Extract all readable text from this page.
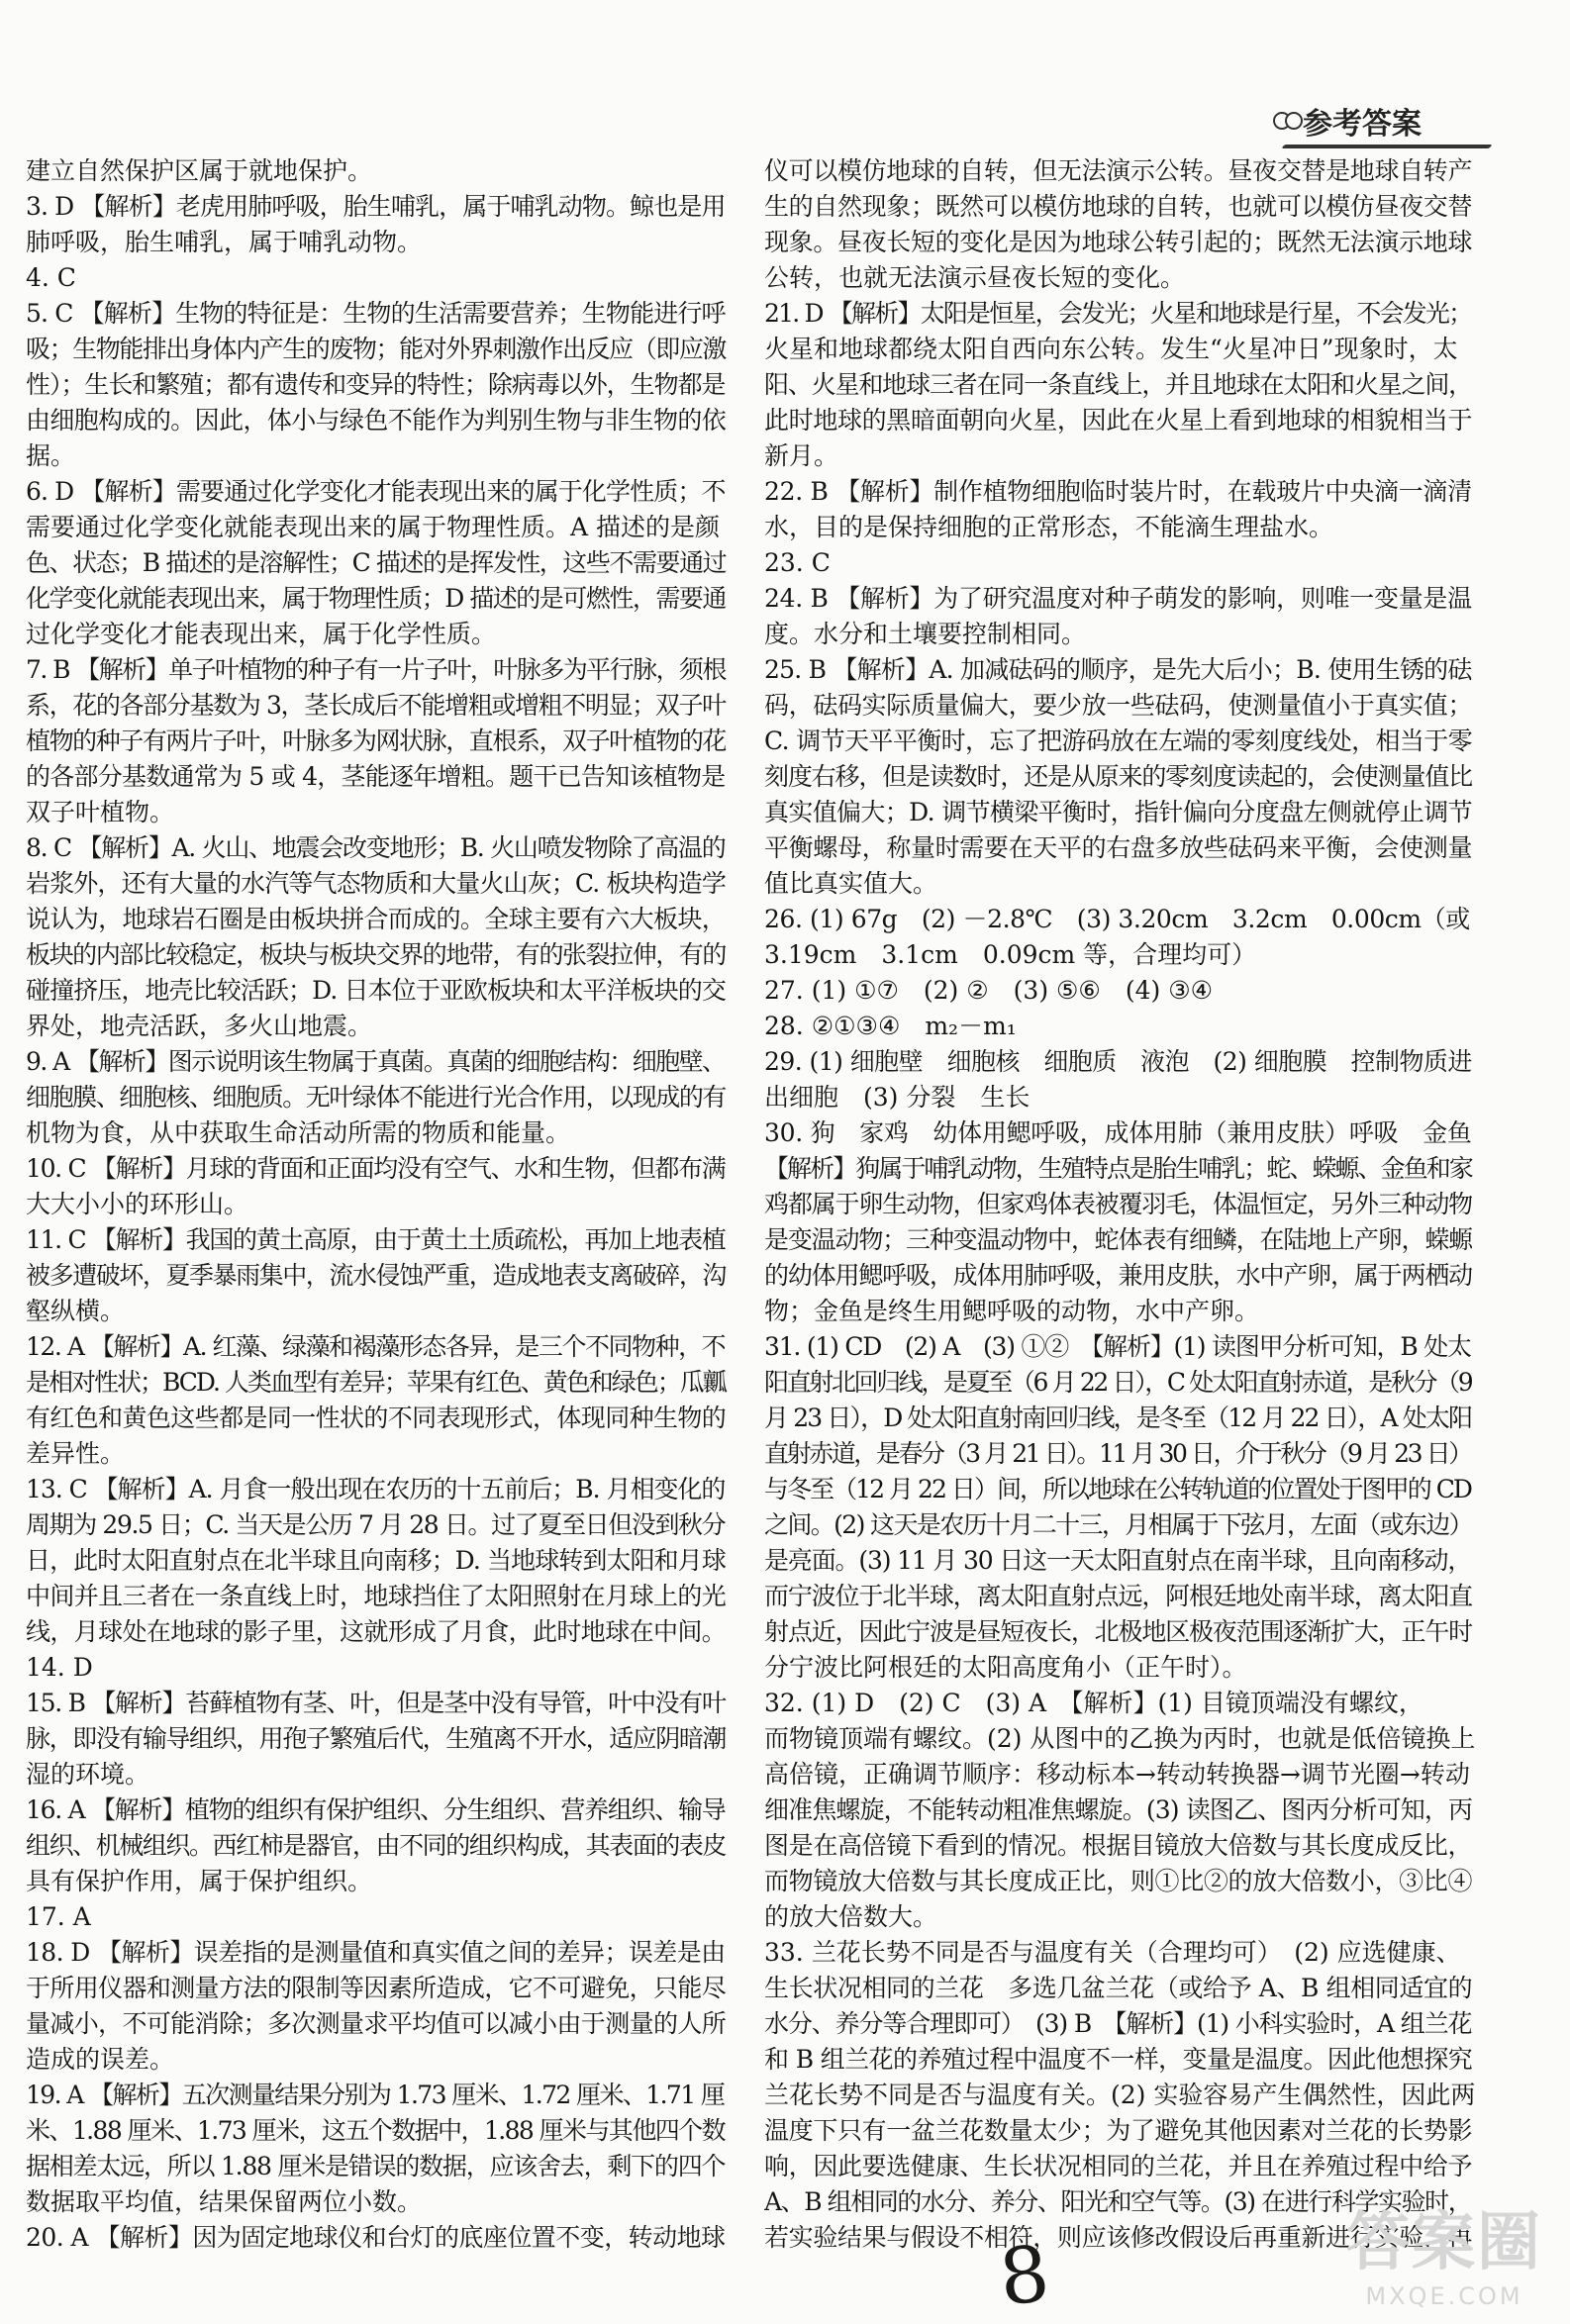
参考答案
建立自然保护区属于就地保护。
3. D 【解析】老虎用肺呼吸，胎生哺乳，属于哺乳动物。鲸也是用
肺呼吸，胎生哺乳，属于哺乳动物。
4. C
5. C 【解析】生物的特征是：生物的生活需要营养；生物能进行呼
吸；生物能排出身体内产生的废物；能对外界刺激作出反应（即应激
性）；生长和繁殖；都有遗传和变异的特性；除病毒以外，生物都是
由细胞构成的。因此，体小与绿色不能作为判别生物与非生物的依
据。
6. D 【解析】需要通过化学变化才能表现出来的属于化学性质；不
需要通过化学变化就能表现出来的属于物理性质。A 描述的是颜
色、状态；B 描述的是溶解性；C 描述的是挥发性，这些不需要通过
化学变化就能表现出来，属于物理性质；D 描述的是可燃性，需要通
过化学变化才能表现出来，属于化学性质。
7. B 【解析】单子叶植物的种子有一片子叶，叶脉多为平行脉，须根
系，花的各部分基数为 3，茎长成后不能增粗或增粗不明显；双子叶
植物的种子有两片子叶，叶脉多为网状脉，直根系，双子叶植物的花
的各部分基数通常为 5 或 4，茎能逐年增粗。题干已告知该植物是
双子叶植物。
8. C 【解析】A. 火山、地震会改变地形；B. 火山喷发物除了高温的
岩浆外，还有大量的水汽等气态物质和大量火山灰；C. 板块构造学
说认为，地球岩石圈是由板块拼合而成的。全球主要有六大板块，
板块的内部比较稳定，板块与板块交界的地带，有的张裂拉伸，有的
碰撞挤压，地壳比较活跃；D. 日本位于亚欧板块和太平洋板块的交
界处，地壳活跃，多火山地震。
9. A 【解析】图示说明该生物属于真菌。真菌的细胞结构：细胞壁、
细胞膜、细胞核、细胞质。无叶绿体不能进行光合作用，以现成的有
机物为食，从中获取生命活动所需的物质和能量。
10. C 【解析】月球的背面和正面均没有空气、水和生物，但都布满
大大小小的环形山。
11. C 【解析】我国的黄土高原，由于黄土土质疏松，再加上地表植
被多遭破坏，夏季暴雨集中，流水侵蚀严重，造成地表支离破碎，沟
壑纵横。
12. A 【解析】A. 红藻、绿藻和褐藻形态各异，是三个不同物种，不
是相对性状；BCD. 人类血型有差异；苹果有红色、黄色和绿色；瓜瓤
有红色和黄色这些都是同一性状的不同表现形式，体现同种生物的
差异性。
13. C 【解析】A. 月食一般出现在农历的十五前后；B. 月相变化的
周期为 29.5 日；C. 当天是公历 7 月 28 日。过了夏至日但没到秋分
日，此时太阳直射点在北半球且向南移；D. 当地球转到太阳和月球
中间并且三者在一条直线上时，地球挡住了太阳照射在月球上的光
线，月球处在地球的影子里，这就形成了月食，此时地球在中间。
14. D
15. B 【解析】苔藓植物有茎、叶，但是茎中没有导管，叶中没有叶
脉，即没有输导组织，用孢子繁殖后代，生殖离不开水，适应阴暗潮
湿的环境。
16. A 【解析】植物的组织有保护组织、分生组织、营养组织、输导
组织、机械组织。西红柿是器官，由不同的组织构成，其表面的表皮
具有保护作用，属于保护组织。
17. A
18. D 【解析】误差指的是测量值和真实值之间的差异；误差是由
于所用仪器和测量方法的限制等因素所造成，它不可避免，只能尽
量减小，不可能消除；多次测量求平均值可以减小由于测量的人所
造成的误差。
19. A 【解析】五次测量结果分别为 1.73 厘米、1.72 厘米、1.71 厘
米、1.88 厘米、1.73 厘米，这五个数据中，1.88 厘米与其他四个数
据相差太远，所以 1.88 厘米是错误的数据，应该舍去，剩下的四个
数据取平均值，结果保留两位小数。
20. A 【解析】因为固定地球仪和台灯的底座位置不变，转动地球
仪可以模仿地球的自转，但无法演示公转。昼夜交替是地球自转产
生的自然现象；既然可以模仿地球的自转，也就可以模仿昼夜交替
现象。昼夜长短的变化是因为地球公转引起的；既然无法演示地球
公转，也就无法演示昼夜长短的变化。
21. D 【解析】太阳是恒星，会发光；火星和地球是行星，不会发光；
火星和地球都绕太阳自西向东公转。发生“火星冲日”现象时，太
阳、火星和地球三者在同一条直线上，并且地球在太阳和火星之间，
此时地球的黑暗面朝向火星，因此在火星上看到地球的相貌相当于
新月。
22. B 【解析】制作植物细胞临时装片时，在载玻片中央滴一滴清
水，目的是保持细胞的正常形态，不能滴生理盐水。
23. C
24. B 【解析】为了研究温度对种子萌发的影响，则唯一变量是温
度。水分和土壤要控制相同。
25. B 【解析】A. 加减砝码的顺序，是先大后小；B. 使用生锈的砝
码，砝码实际质量偏大，要少放一些砝码，使测量值小于真实值；
C. 调节天平平衡时，忘了把游码放在左端的零刻度线处，相当于零
刻度右移，但是读数时，还是从原来的零刻度读起的，会使测量值比
真实值偏大；D. 调节横梁平衡时，指针偏向分度盘左侧就停止调节
平衡螺母，称量时需要在天平的右盘多放些砝码来平衡，会使测量
值比真实值大。
26. (1) 67g　(2) －2.8℃　(3) 3.20cm　3.2cm　0.00cm（或
3.19cm　3.1cm　0.09cm 等，合理均可）
27. (1) ①⑦　(2) ②　(3) ⑤⑥　(4) ③④
28. ②①③④　m₂－m₁
29. (1) 细胞壁　细胞核　细胞质　液泡　(2) 细胞膜　控制物质进
出细胞　(3) 分裂　生长
30. 狗　家鸡　幼体用鳃呼吸，成体用肺（兼用皮肤）呼吸　金鱼
【解析】狗属于哺乳动物，生殖特点是胎生哺乳；蛇、蝾螈、金鱼和家
鸡都属于卵生动物，但家鸡体表被覆羽毛，体温恒定，另外三种动物
是变温动物；三种变温动物中，蛇体表有细鳞，在陆地上产卵，蝾螈
的幼体用鳃呼吸，成体用肺呼吸，兼用皮肤，水中产卵，属于两栖动
物；金鱼是终生用鳃呼吸的动物，水中产卵。
31. (1) CD　(2) A　(3) ①②　【解析】(1) 读图甲分析可知，B 处太
阳直射北回归线，是夏至（6 月 22 日），C 处太阳直射赤道，是秋分（9
月 23 日），D 处太阳直射南回归线，是冬至（12 月 22 日），A 处太阳
直射赤道，是春分（3 月 21 日）。11 月 30 日，介于秋分（9 月 23 日）
与冬至（12 月 22 日）间，所以地球在公转轨道的位置处于图甲的 CD
之间。(2) 这天是农历十月二十三，月相属于下弦月，左面（或东边）
是亮面。(3) 11 月 30 日这一天太阳直射点在南半球，且向南移动，
而宁波位于北半球，离太阳直射点远，阿根廷地处南半球，离太阳直
射点近，因此宁波是昼短夜长，北极地区极夜范围逐渐扩大，正午时
分宁波比阿根廷的太阳高度角小（正午时）。
32. (1) D　(2) C　(3) A　【解析】(1) 目镜顶端没有螺纹，
而物镜顶端有螺纹。(2) 从图中的乙换为丙时，也就是低倍镜换上
高倍镜，正确调节顺序：移动标本→转动转换器→调节光圈→转动
细准焦螺旋，不能转动粗准焦螺旋。(3) 读图乙、图丙分析可知，丙
图是在高倍镜下看到的情况。根据目镜放大倍数与其长度成反比，
而物镜放大倍数与其长度成正比，则①比②的放大倍数小，③比④
的放大倍数大。
33. 兰花长势不同是否与温度有关（合理均可）　(2) 应选健康、
生长状况相同的兰花　多选几盆兰花（或给予 A、B 组相同适宜的
水分、养分等合理即可）　(3) B　【解析】(1) 小科实验时，A 组兰花
和 B 组兰花的养殖过程中温度不一样，变量是温度。因此他想探究
兰花长势不同是否与温度有关。(2) 实验容易产生偶然性，因此两
温度下只有一盆兰花数量太少；为了避免其他因素对兰花的长势影
响，因此要选健康、生长状况相同的兰花，并且在养殖过程中给予
A、B 组相同的水分、养分、阳光和空气等。(3) 在进行科学实验时，
若实验结果与假设不相符，则应该修改假设后再重新进行实验，再
8	答案圈
MXQE.COM
